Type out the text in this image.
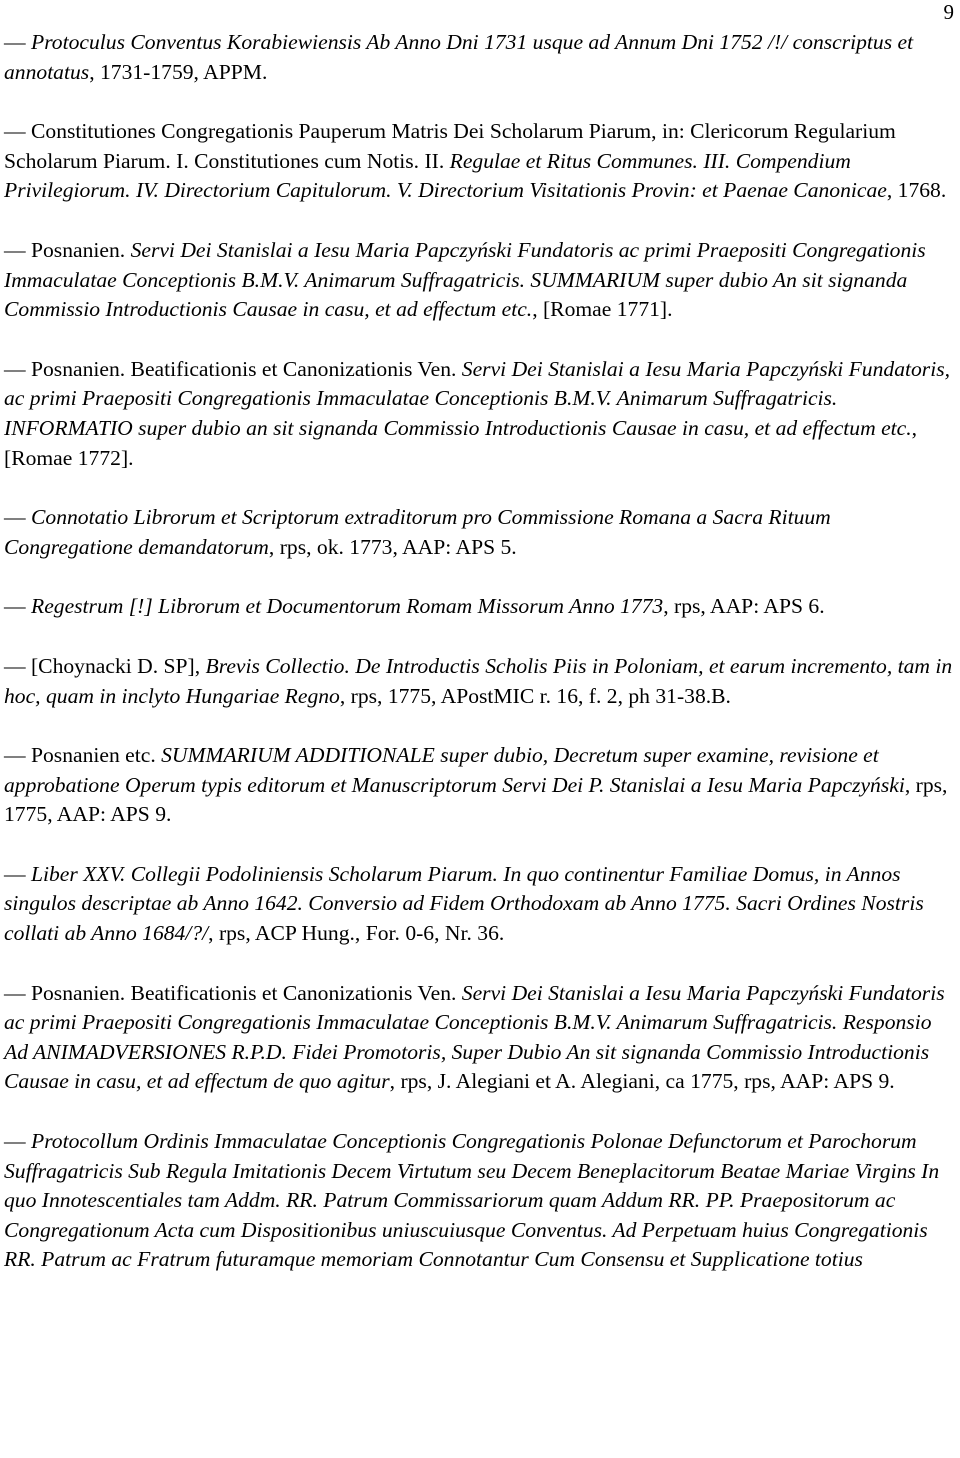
9

— Protoculus Conventus Korabiewiensis Ab Anno Dni 1731 usque ad Annum Dni 1752 /!/ conscriptus et annotatus, 1731-1759, APPM.

— Constitutiones Congregationis Pauperum Matris Dei Scholarum Piarum, in: Clericorum Regularium Scholarum Piarum. I. Constitutiones cum Notis. II. Regulae et Ritus Communes. III. Compendium Privilegiorum. IV. Directorium Capitulorum. V. Directorium Visitationis Provin: et Paenae Canonicae, 1768.

— Posnanien. Servi Dei Stanislai a Iesu Maria Papczyński Fundatoris ac primi Praepositi Congregationis Immaculatae Conceptionis B.M.V. Animarum Suffragatricis. SUMMARIUM super dubio An sit signanda Commissio Introductionis Causae in casu, et ad effectum etc., [Romae 1771].

— Posnanien. Beatificationis et Canonizationis Ven. Servi Dei Stanislai a Iesu Maria Papczyński Fundatoris, ac primi Praepositi Congregationis Immaculatae Conceptionis B.M.V. Animarum Suffragatricis. INFORMATIO super dubio an sit signanda Commissio Introductionis Causae in casu, et ad effectum etc., [Romae 1772].

— Connotatio Librorum et Scriptorum extraditorum pro Commissione Romana a Sacra Rituum Congregatione demandatorum, rps, ok. 1773, AAP: APS 5.

— Regestrum [!] Librorum et Documentorum Romam Missorum Anno 1773, rps, AAP: APS 6.

— [Choynacki D. SP], Brevis Collectio. De Introductis Scholis Piis in Poloniam, et earum incremento, tam in hoc, quam in inclyto Hungariae Regno, rps, 1775, APostMIC r. 16, f. 2, ph 31-38.B.

— Posnanien etc. SUMMARIUM ADDITIONALE super dubio, Decretum super examine, revisione et approbatione Operum typis editorum et Manuscriptorum Servi Dei P. Stanislai a Iesu Maria Papczyński, rps, 1775, AAP: APS 9.

— Liber XXV. Collegii Podoliniensis Scholarum Piarum. In quo continentur Familiae Domus, in Annos singulos descriptae ab Anno 1642. Conversio ad Fidem Orthodoxam ab Anno 1775. Sacri Ordines Nostris collati ab Anno 1684/?/, rps, ACP Hung., For. 0-6, Nr. 36.

— Posnanien. Beatificationis et Canonizationis Ven. Servi Dei Stanislai a Iesu Maria Papczyński Fundatoris ac primi Praepositi Congregationis Immaculatae Conceptionis B.M.V. Animarum Suffragatricis. Responsio Ad ANIMADVERSIONES R.P.D. Fidei Promotoris, Super Dubio An sit signanda Commissio Introductionis Causae in casu, et ad effectum de quo agitur, rps, J. Alegiani et A. Alegiani, ca 1775, rps, AAP: APS 9.

— Protocollum Ordinis Immaculatae Conceptionis Congregationis Polonae Defunctorum et Parochorum Suffragatricis Sub Regula Imitationis Decem Virtutum seu Decem Beneplacitorum Beatae Mariae Virgins In quo Innotescentiales tam Addm. RR. Patrum Commissariorum quam Addum RR. PP. Praepositorum ac Congregationum Acta cum Dispositionibus uniuscuiusque Conventus. Ad Perpetuam huius Congregationis RR. Patrum ac Fratrum futuramque memoriam Connotantur Cum Consensu et Supplicatione totius
